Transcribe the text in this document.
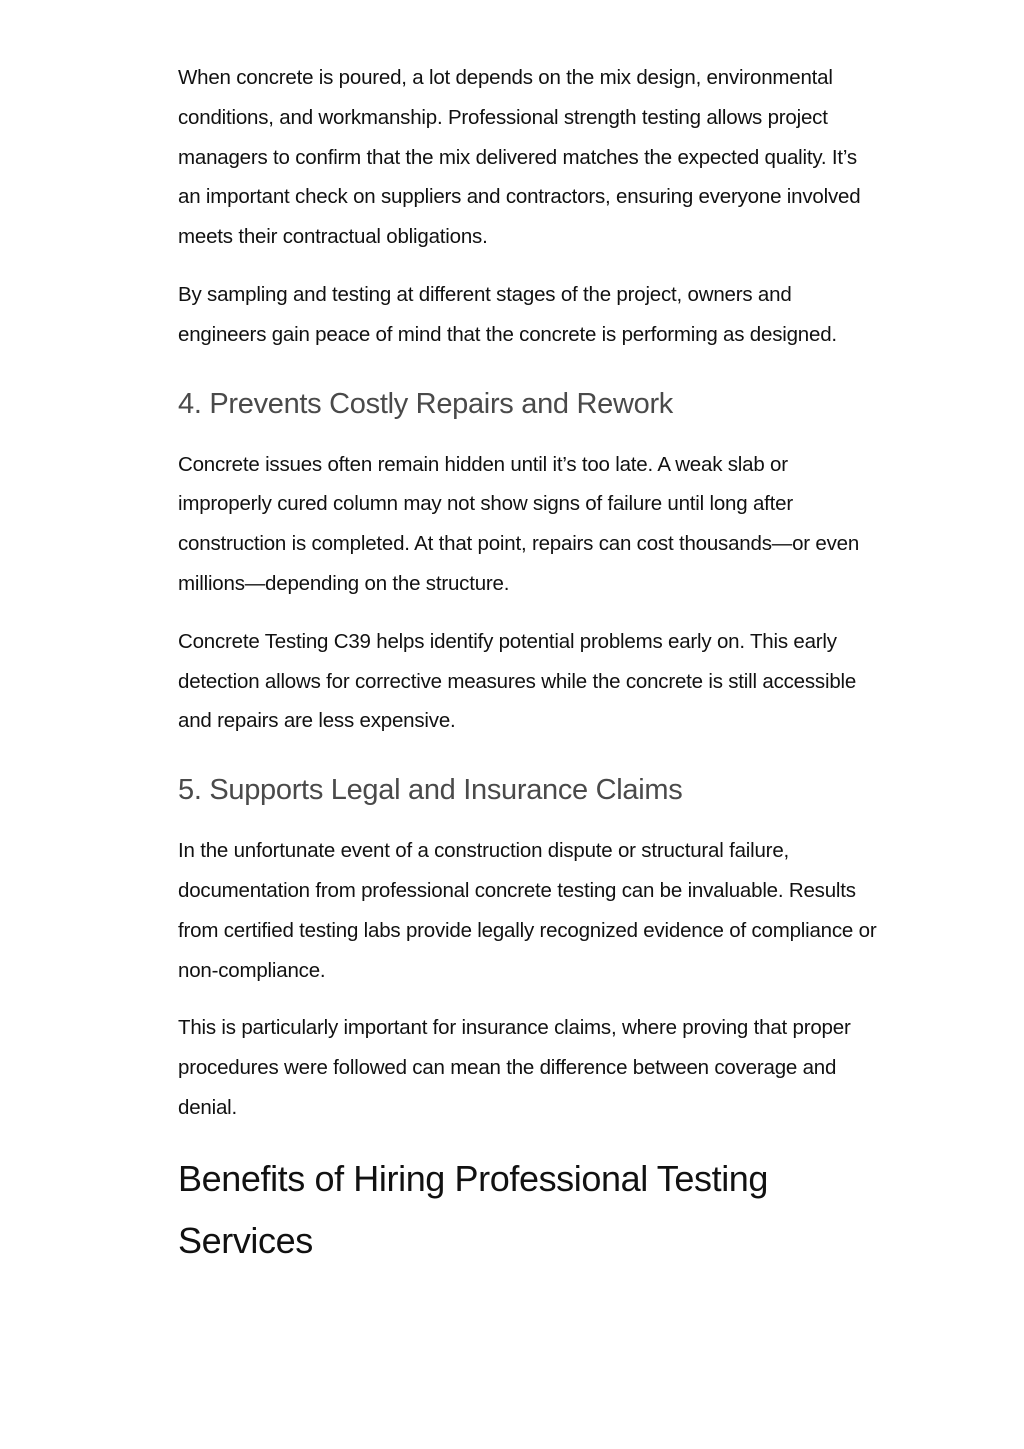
When concrete is poured, a lot depends on the mix design, environmental conditions, and workmanship. Professional strength testing allows project managers to confirm that the mix delivered matches the expected quality. It’s an important check on suppliers and contractors, ensuring everyone involved meets their contractual obligations.

By sampling and testing at different stages of the project, owners and engineers gain peace of mind that the concrete is performing as designed.

4. Prevents Costly Repairs and Rework

Concrete issues often remain hidden until it’s too late. A weak slab or improperly cured column may not show signs of failure until long after construction is completed. At that point, repairs can cost thousands—or even millions—depending on the structure.

Concrete Testing C39 helps identify potential problems early on. This early detection allows for corrective measures while the concrete is still accessible and repairs are less expensive.

5. Supports Legal and Insurance Claims

In the unfortunate event of a construction dispute or structural failure, documentation from professional concrete testing can be invaluable. Results from certified testing labs provide legally recognized evidence of compliance or non-compliance.

This is particularly important for insurance claims, where proving that proper procedures were followed can mean the difference between coverage and denial.

Benefits of Hiring Professional Testing Services
